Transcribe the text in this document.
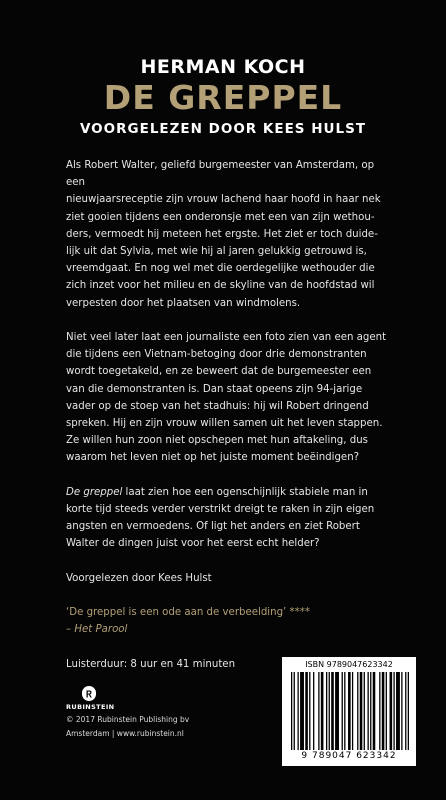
HERMAN KOCH
DE GREPPEL
VOORGELEZEN DOOR KEES HULST

Als Robert Walter, geliefd burgemeester van Amsterdam, op een
nieuwjaarsreceptie zijn vrouw lachend haar hoofd in haar nek
ziet gooien tijdens een onderonsje met een van zijn wethou-
ders, vermoedt hij meteen het ergste. Het ziet er toch duide-
lijk uit dat Sylvia, met wie hij al jaren gelukkig getrouwd is,
vreemdgaat. En nog wel met die oerdegelijke wethouder die
zich inzet voor het milieu en de skyline van de hoofdstad wil
verpesten door het plaatsen van windmolens.

Niet veel later laat een journaliste een foto zien van een agent
die tijdens een Vietnam-betoging door drie demonstranten
wordt toegetakeld, en ze beweert dat de burgemeester een
van die demonstranten is. Dan staat opeens zijn 94-jarige
vader op de stoep van het stadhuis: hij wil Robert dringend
spreken. Hij en zijn vrouw willen samen uit het leven stappen.
Ze willen hun zoon niet opschepen met hun aftakeling, dus
waarom het leven niet op het juiste moment beëindigen?

De greppel laat zien hoe een ogenschijnlijk stabiele man in
korte tijd steeds verder verstrikt dreigt te raken in zijn eigen
angsten en vermoedens. Of ligt het anders en ziet Robert
Walter de dingen juist voor het eerst echt helder?

Voorgelezen door Kees Hulst

‘De greppel is een ode aan de verbeelding’ ****
– Het Parool

Luisterduur: 8 uur en 41 minuten

RUBINSTEIN
© 2017 Rubinstein Publishing bv
Amsterdam | www.rubinstein.nl
ISBN 9789047623342
9 789047 623342
